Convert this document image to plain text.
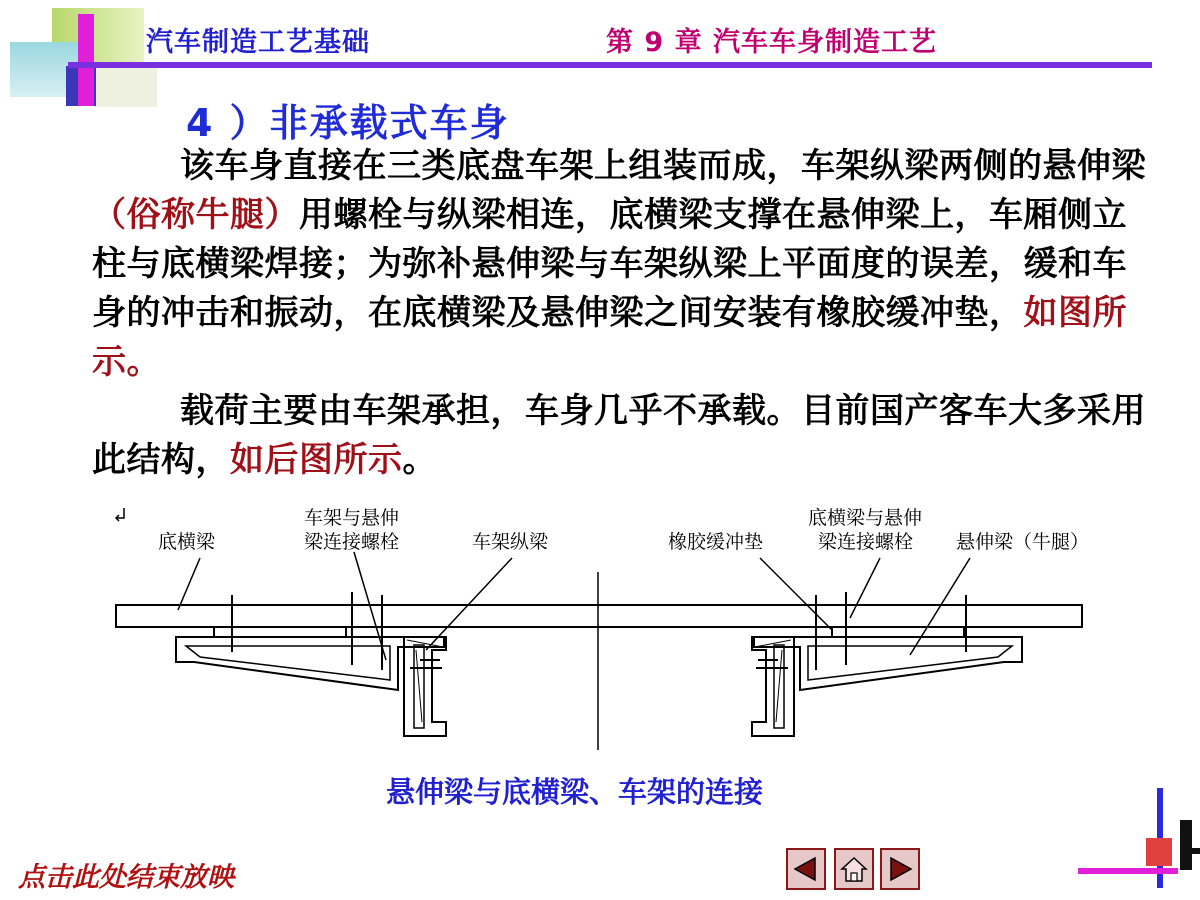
汽车制造工艺基础	第 9 章 汽车车身制造工艺
4 ）非承载式车身

该车身直接在三类底盘车架上组装而成，车架纵梁两侧的悬伸梁（俗称牛腿）用螺栓与纵梁相连，底横梁支撑在悬伸梁上，车厢侧立柱与底横梁焊接；为弥补悬伸梁与车架纵梁上平面度的误差，缓和车身的冲击和振动，在底横梁及悬伸梁之间安装有橡胶缓冲垫，如图所示。

载荷主要由车架承担，车身几乎不承载。目前国产客车大多采用此结构，如后图所示。

底横梁
车架与悬伸
梁连接螺栓	车架纵梁	橡胶缓冲垫
底横梁与悬伸
梁连接螺栓 悬伸梁（牛腿）
悬伸梁与底横梁、车架的连接
点击此处结束放映
